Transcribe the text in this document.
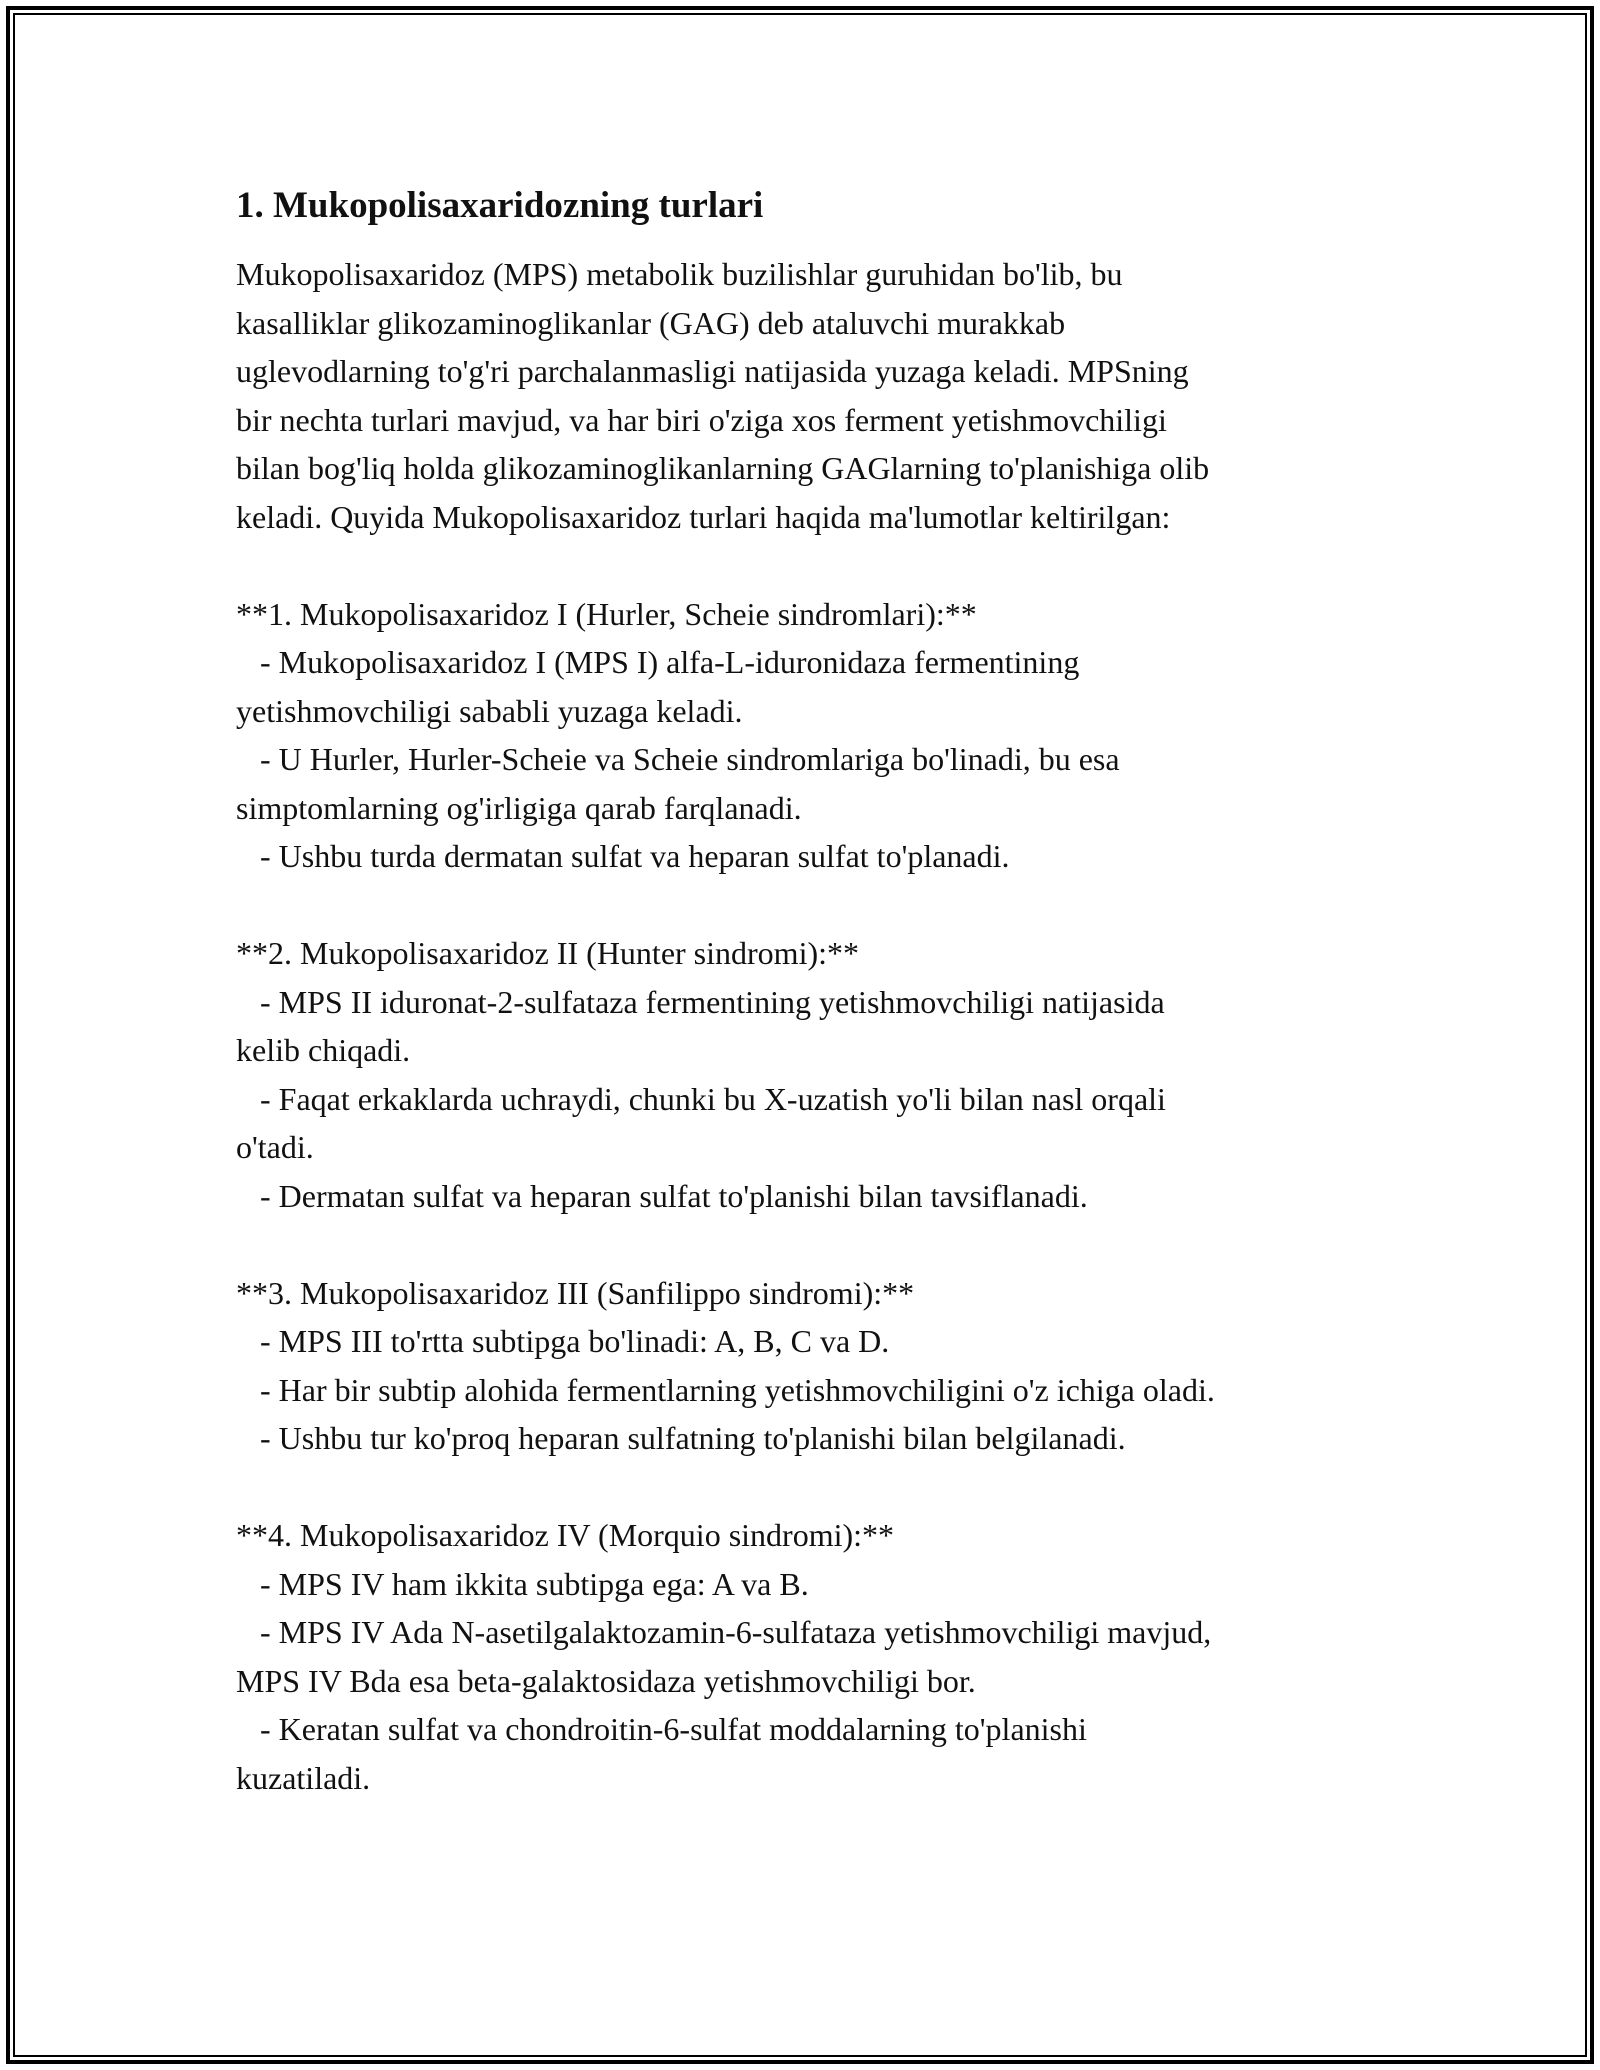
1. Mukopolisaxaridozning turlari
Mukopolisaxaridoz (MPS) metabolik buzilishlar guruhidan bo'lib, bu
kasalliklar glikozaminoglikanlar (GAG) deb ataluvchi murakkab
uglevodlarning to'g'ri parchalanmasligi natijasida yuzaga keladi. MPSning
bir nechta turlari mavjud, va har biri o'ziga xos ferment yetishmovchiligi
bilan bog'liq holda glikozaminoglikanlarning GAGlarning to'planishiga olib
keladi. Quyida Mukopolisaxaridoz turlari haqida ma'lumotlar keltirilgan:
**1. Mukopolisaxaridoz I (Hurler, Scheie sindromlari):**
- Mukopolisaxaridoz I (MPS I) alfa-L-iduronidaza fermentining
yetishmovchiligi sababli yuzaga keladi.
- U Hurler, Hurler-Scheie va Scheie sindromlariga bo'linadi, bu esa
simptomlarning og'irligiga qarab farqlanadi.
- Ushbu turda dermatan sulfat va heparan sulfat to'planadi.
**2. Mukopolisaxaridoz II (Hunter sindromi):**
- MPS II iduronat-2-sulfataza fermentining yetishmovchiligi natijasida
kelib chiqadi.
- Faqat erkaklarda uchraydi, chunki bu X-uzatish yo'li bilan nasl orqali
o'tadi.
- Dermatan sulfat va heparan sulfat to'planishi bilan tavsiflanadi.
**3. Mukopolisaxaridoz III (Sanfilippo sindromi):**
- MPS III to'rtta subtipga bo'linadi: A, B, C va D.
- Har bir subtip alohida fermentlarning yetishmovchiligini o'z ichiga oladi.
- Ushbu tur ko'proq heparan sulfatning to'planishi bilan belgilanadi.
**4. Mukopolisaxaridoz IV (Morquio sindromi):**
- MPS IV ham ikkita subtipga ega: A va B.
- MPS IV Ada N-asetilgalaktozamin-6-sulfataza yetishmovchiligi mavjud,
MPS IV Bda esa beta-galaktosidaza yetishmovchiligi bor.
- Keratan sulfat va chondroitin-6-sulfat moddalarning to'planishi
kuzatiladi.
